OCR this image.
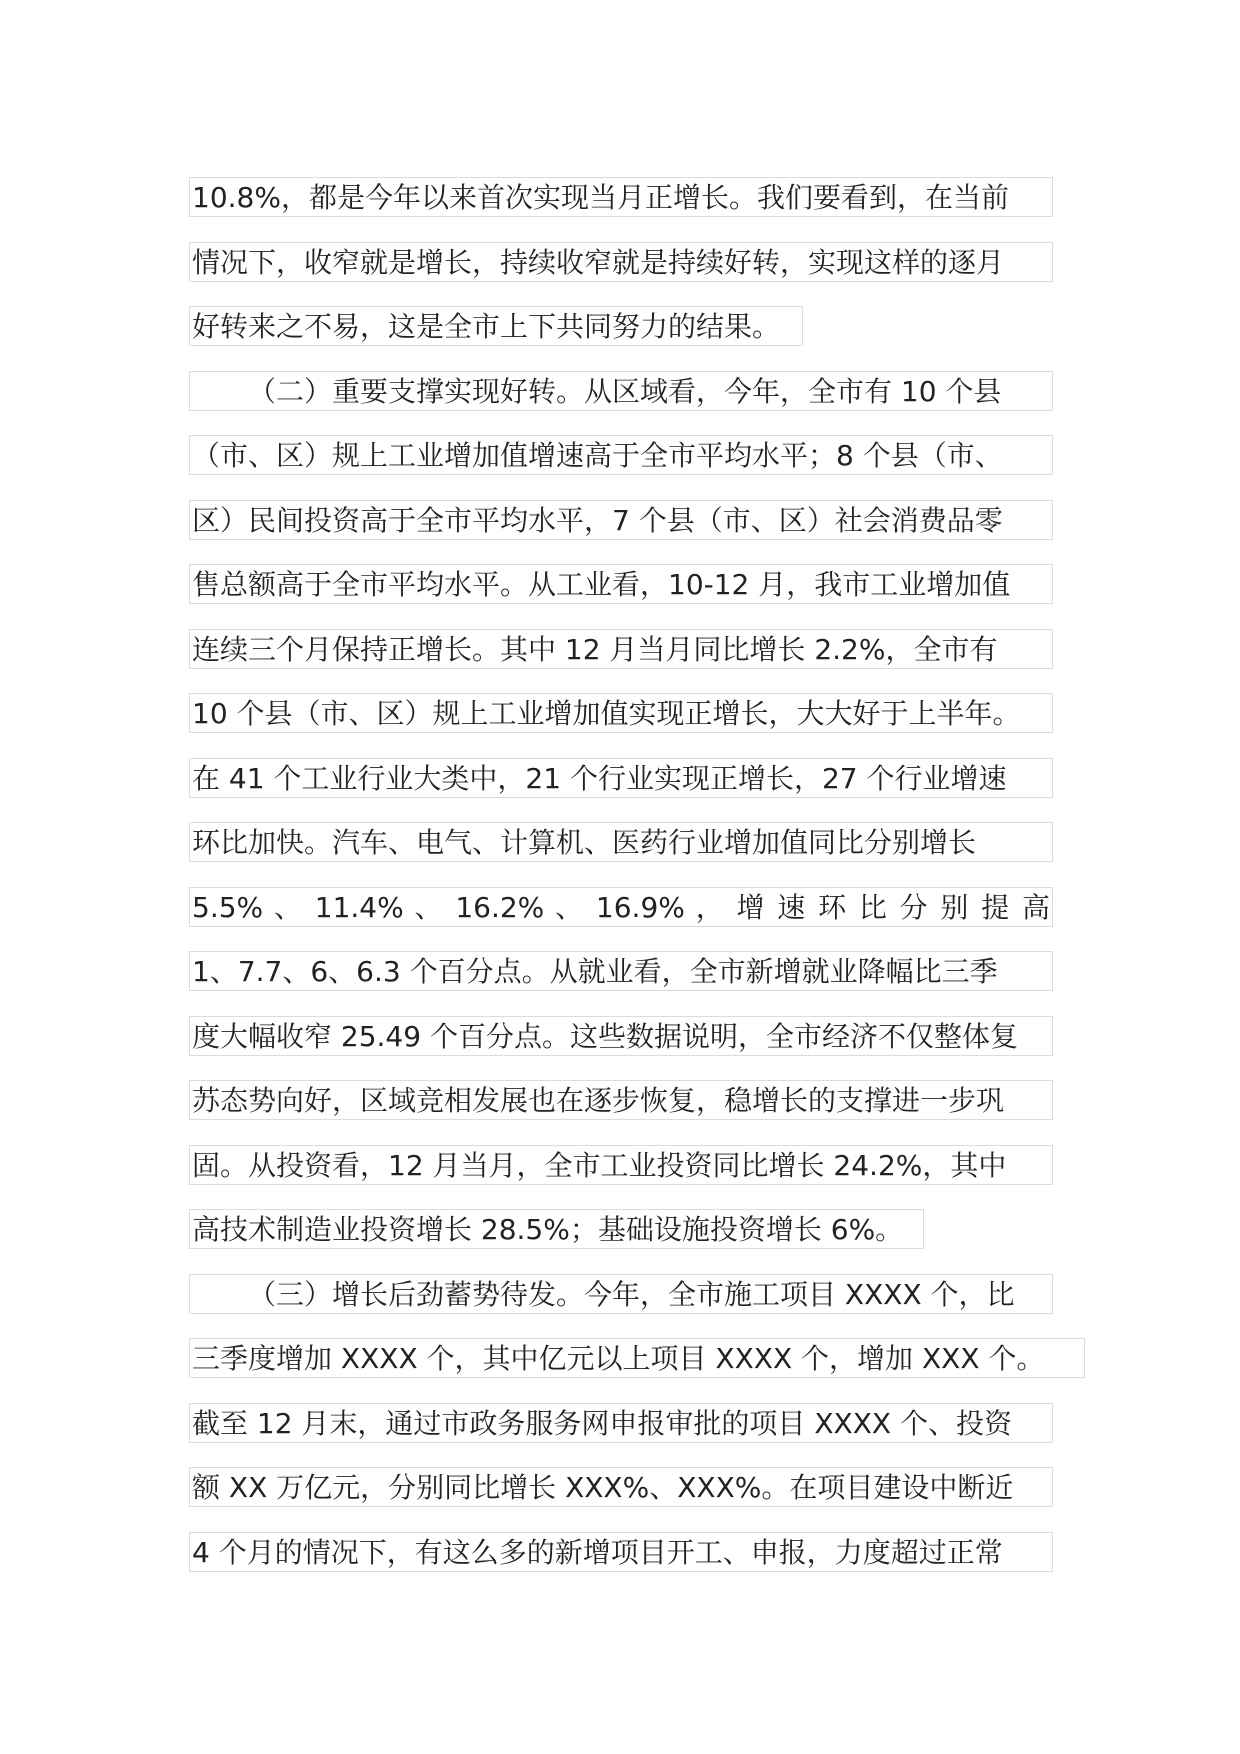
10.8%，都是今年以来首次实现当月正增长。我们要看到，在当前
情况下，收窄就是增长，持续收窄就是持续好转，实现这样的逐月
好转来之不易，这是全市上下共同努力的结果。
（二）重要支撑实现好转。从区域看，今年，全市有 10 个县
（市、区）规上工业增加值增速高于全市平均水平；8 个县（市、
区）民间投资高于全市平均水平，7 个县（市、区）社会消费品零
售总额高于全市平均水平。从工业看，10-12 月，我市工业增加值
连续三个月保持正增长。其中 12 月当月同比增长 2.2%，全市有
10 个县（市、区）规上工业增加值实现正增长，大大好于上半年。
在 41 个工业行业大类中，21 个行业实现正增长，27 个行业增速
环比加快。汽车、电气、计算机、医药行业增加值同比分别增长
5.5% 、 11.4% 、 16.2% 、 16.9% ， 增 速 环 比 分 别 提 高
1、7.7、6、6.3 个百分点。从就业看，全市新增就业降幅比三季
度大幅收窄 25.49 个百分点。这些数据说明，全市经济不仅整体复
苏态势向好，区域竞相发展也在逐步恢复，稳增长的支撑进一步巩
固。从投资看，12 月当月，全市工业投资同比增长 24.2%，其中
高技术制造业投资增长 28.5%；基础设施投资增长 6%。
（三）增长后劲蓄势待发。今年，全市施工项目 XXXX 个，比
三季度增加 XXXX 个，其中亿元以上项目 XXXX 个，增加 XXX 个。
截至 12 月末，通过市政务服务网申报审批的项目 XXXX 个、投资
额 XX 万亿元，分别同比增长 XXX%、XXX%。在项目建设中断近
4 个月的情况下，有这么多的新增项目开工、申报，力度超过正常
